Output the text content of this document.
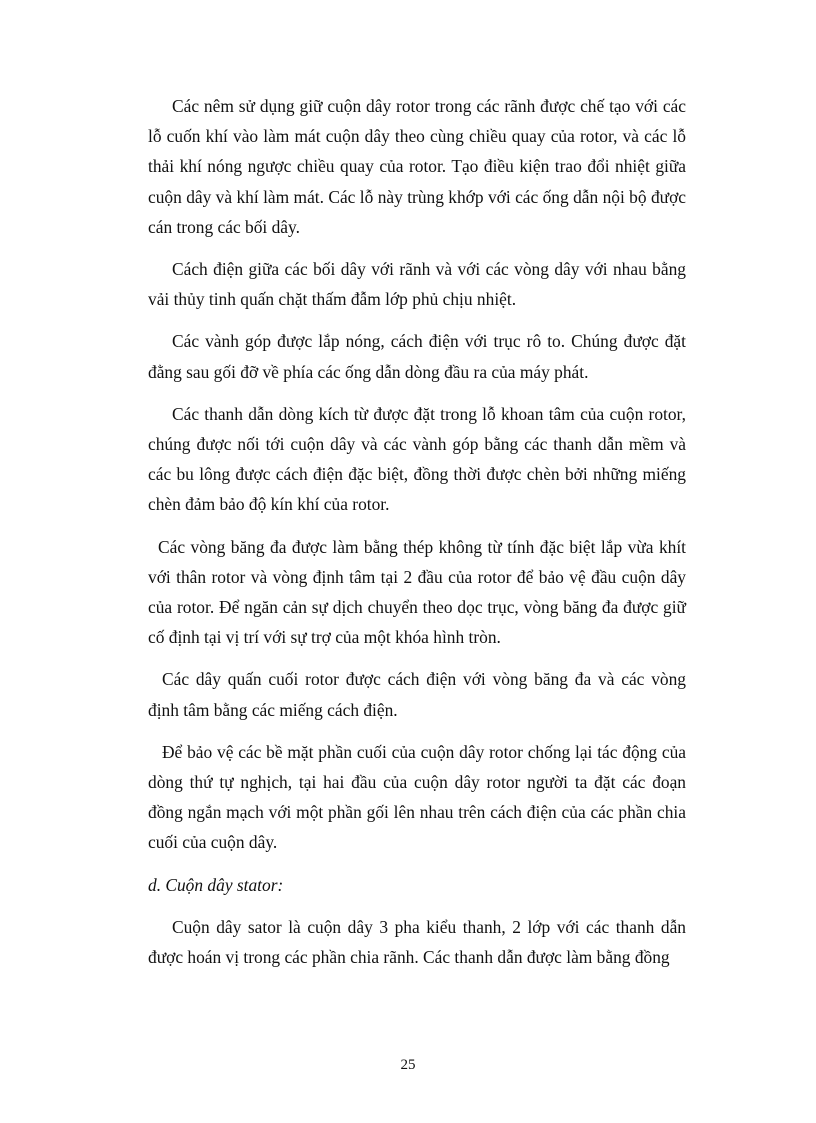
Các nêm sử dụng giữ cuộn dây rotor trong các rãnh được chế tạo với các lỗ cuốn khí vào làm mát cuộn dây theo cùng chiều quay của rotor, và các lỗ thải khí nóng ngược chiều quay của rotor. Tạo điều kiện trao đổi nhiệt giữa cuộn dây và khí làm mát. Các lỗ này trùng khớp với các ống dẫn nội bộ được cán trong các bối dây.

Cách điện giữa các bối dây với rãnh và với các vòng dây với nhau bằng vải thủy tinh quấn chặt thấm đẫm lớp phủ chịu nhiệt.

Các vành góp được lắp nóng, cách điện với trục rô to. Chúng được đặt đằng sau gối đỡ về phía các ống dẫn dòng đầu ra của máy phát.

Các thanh dẫn dòng kích từ được đặt trong lỗ khoan tâm của cuộn rotor, chúng được nối tới cuộn dây và các vành góp bằng các thanh dẫn mềm và các bu lông được cách điện đặc biệt, đồng thời được chèn bởi những miếng chèn đảm bảo độ kín khí của rotor.

Các vòng băng đa được làm bằng thép không từ tính đặc biệt lắp vừa khít với thân rotor và vòng định tâm tại 2 đầu của rotor để bảo vệ đầu cuộn dây của rotor. Để ngăn cản sự dịch chuyển theo dọc trục, vòng băng đa được giữ cố định tại vị trí với sự trợ của một khóa hình tròn.

Các dây quấn cuối rotor được cách điện với vòng băng đa và các vòng định tâm bằng các miếng cách điện.

Để bảo vệ các bề mặt phần cuối của cuộn dây rotor chống lại tác động của dòng thứ tự nghịch, tại hai đầu của cuộn dây rotor người ta đặt các đoạn đồng ngắn mạch với một phần gối lên nhau trên cách điện của các phần chia cuối của cuộn dây.

d. Cuộn dây stator:

Cuộn dây sator là cuộn dây 3 pha kiểu thanh, 2 lớp với các thanh dẫn được hoán vị trong các phần chia rãnh. Các thanh dẫn được làm bằng đồng

25
